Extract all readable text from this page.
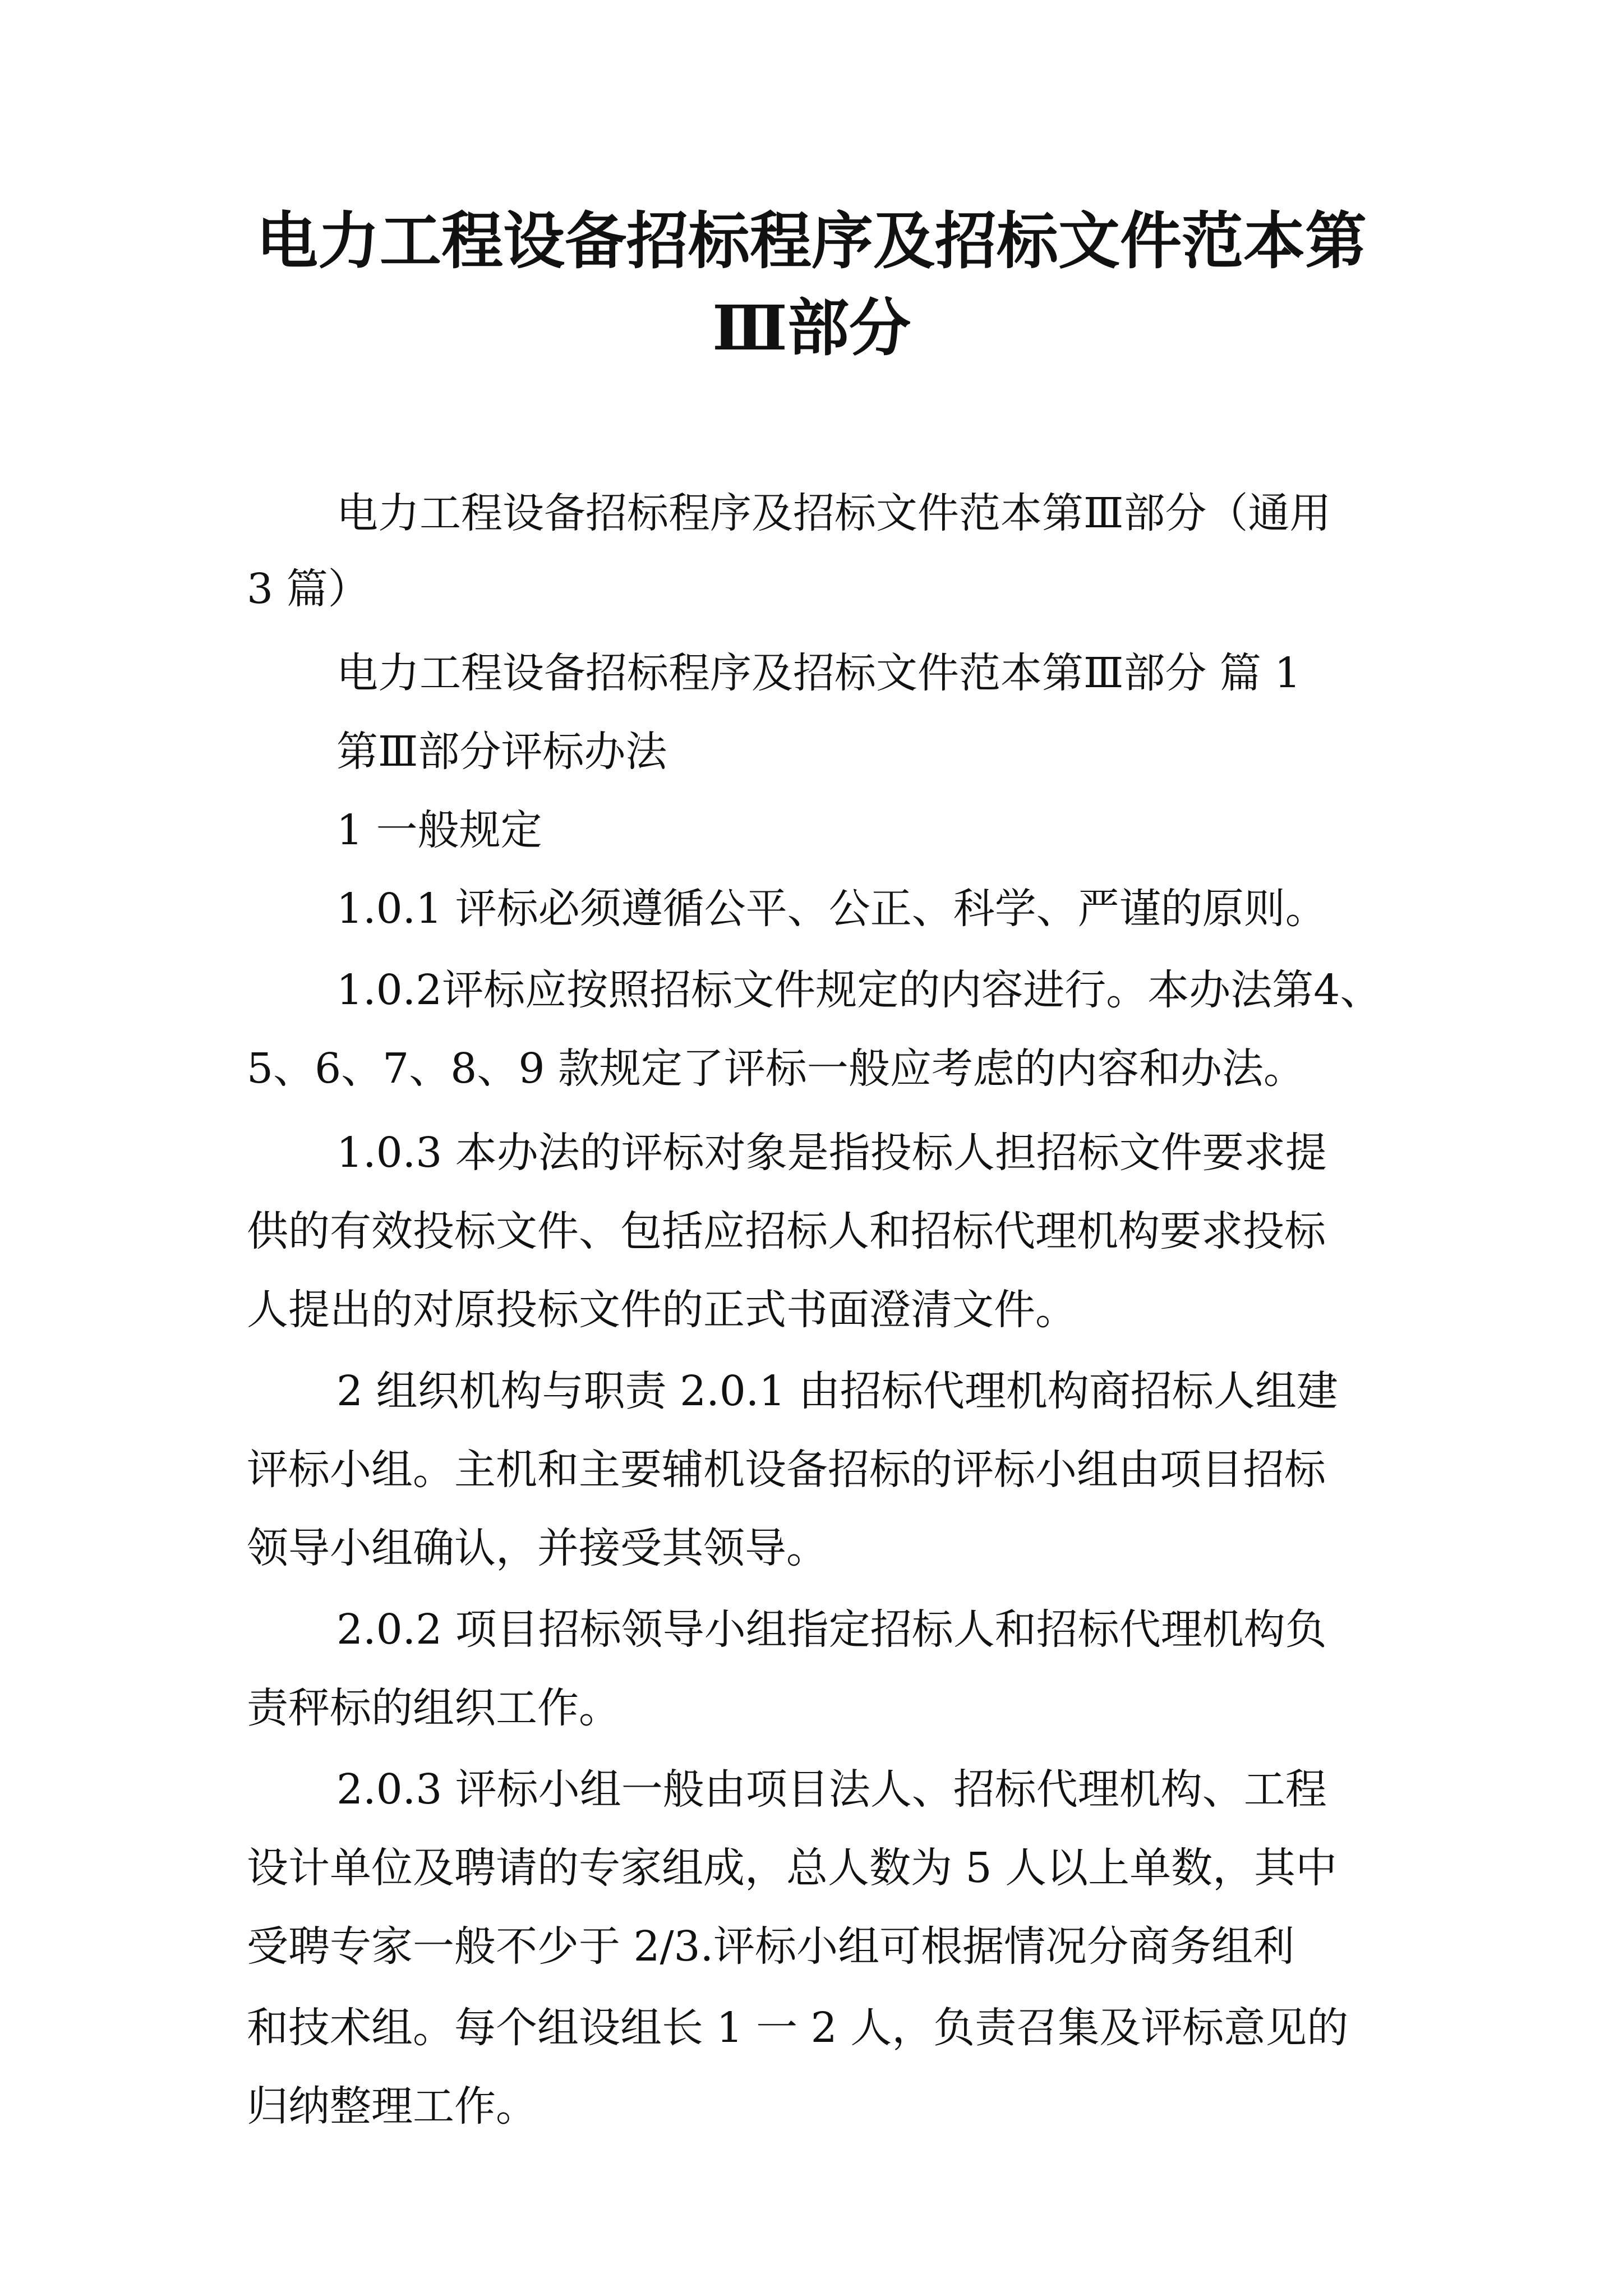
电力工程设备招标程序及招标文件范本第
Ⅲ部分

电力工程设备招标程序及招标文件范本第Ⅲ部分（通用

3 篇）

电力工程设备招标程序及招标文件范本第Ⅲ部分 篇 1

第Ⅲ部分评标办法

1 一般规定

1.0.1 评标必须遵循公平、公正、科学、严谨的原则。

1.0.2评标应按照招标文件规定的内容进行。本办法第4、

5、6、7、8、9 款规定了评标一般应考虑的内容和办法。

1.0.3 本办法的评标对象是指投标人担招标文件要求提

供的有效投标文件、包括应招标人和招标代理机构要求投标

人提出的对原投标文件的正式书面澄清文件。

2 组织机构与职责 2.0.1 由招标代理机构商招标人组建

评标小组。主机和主要辅机设备招标的评标小组由项目招标

领导小组确认，并接受其领导。

2.0.2 项目招标领导小组指定招标人和招标代理机构负

责秤标的组织工作。

2.0.3 评标小组一般由项目法人、招标代理机构、工程

设计单位及聘请的专家组成，总人数为 5 人以上单数，其中

受聘专家一般不少于 2/3.评标小组可根据情况分商务组利

和技术组。每个组设组长 1 一 2 人，负责召集及评标意见的

归纳整理工作。
